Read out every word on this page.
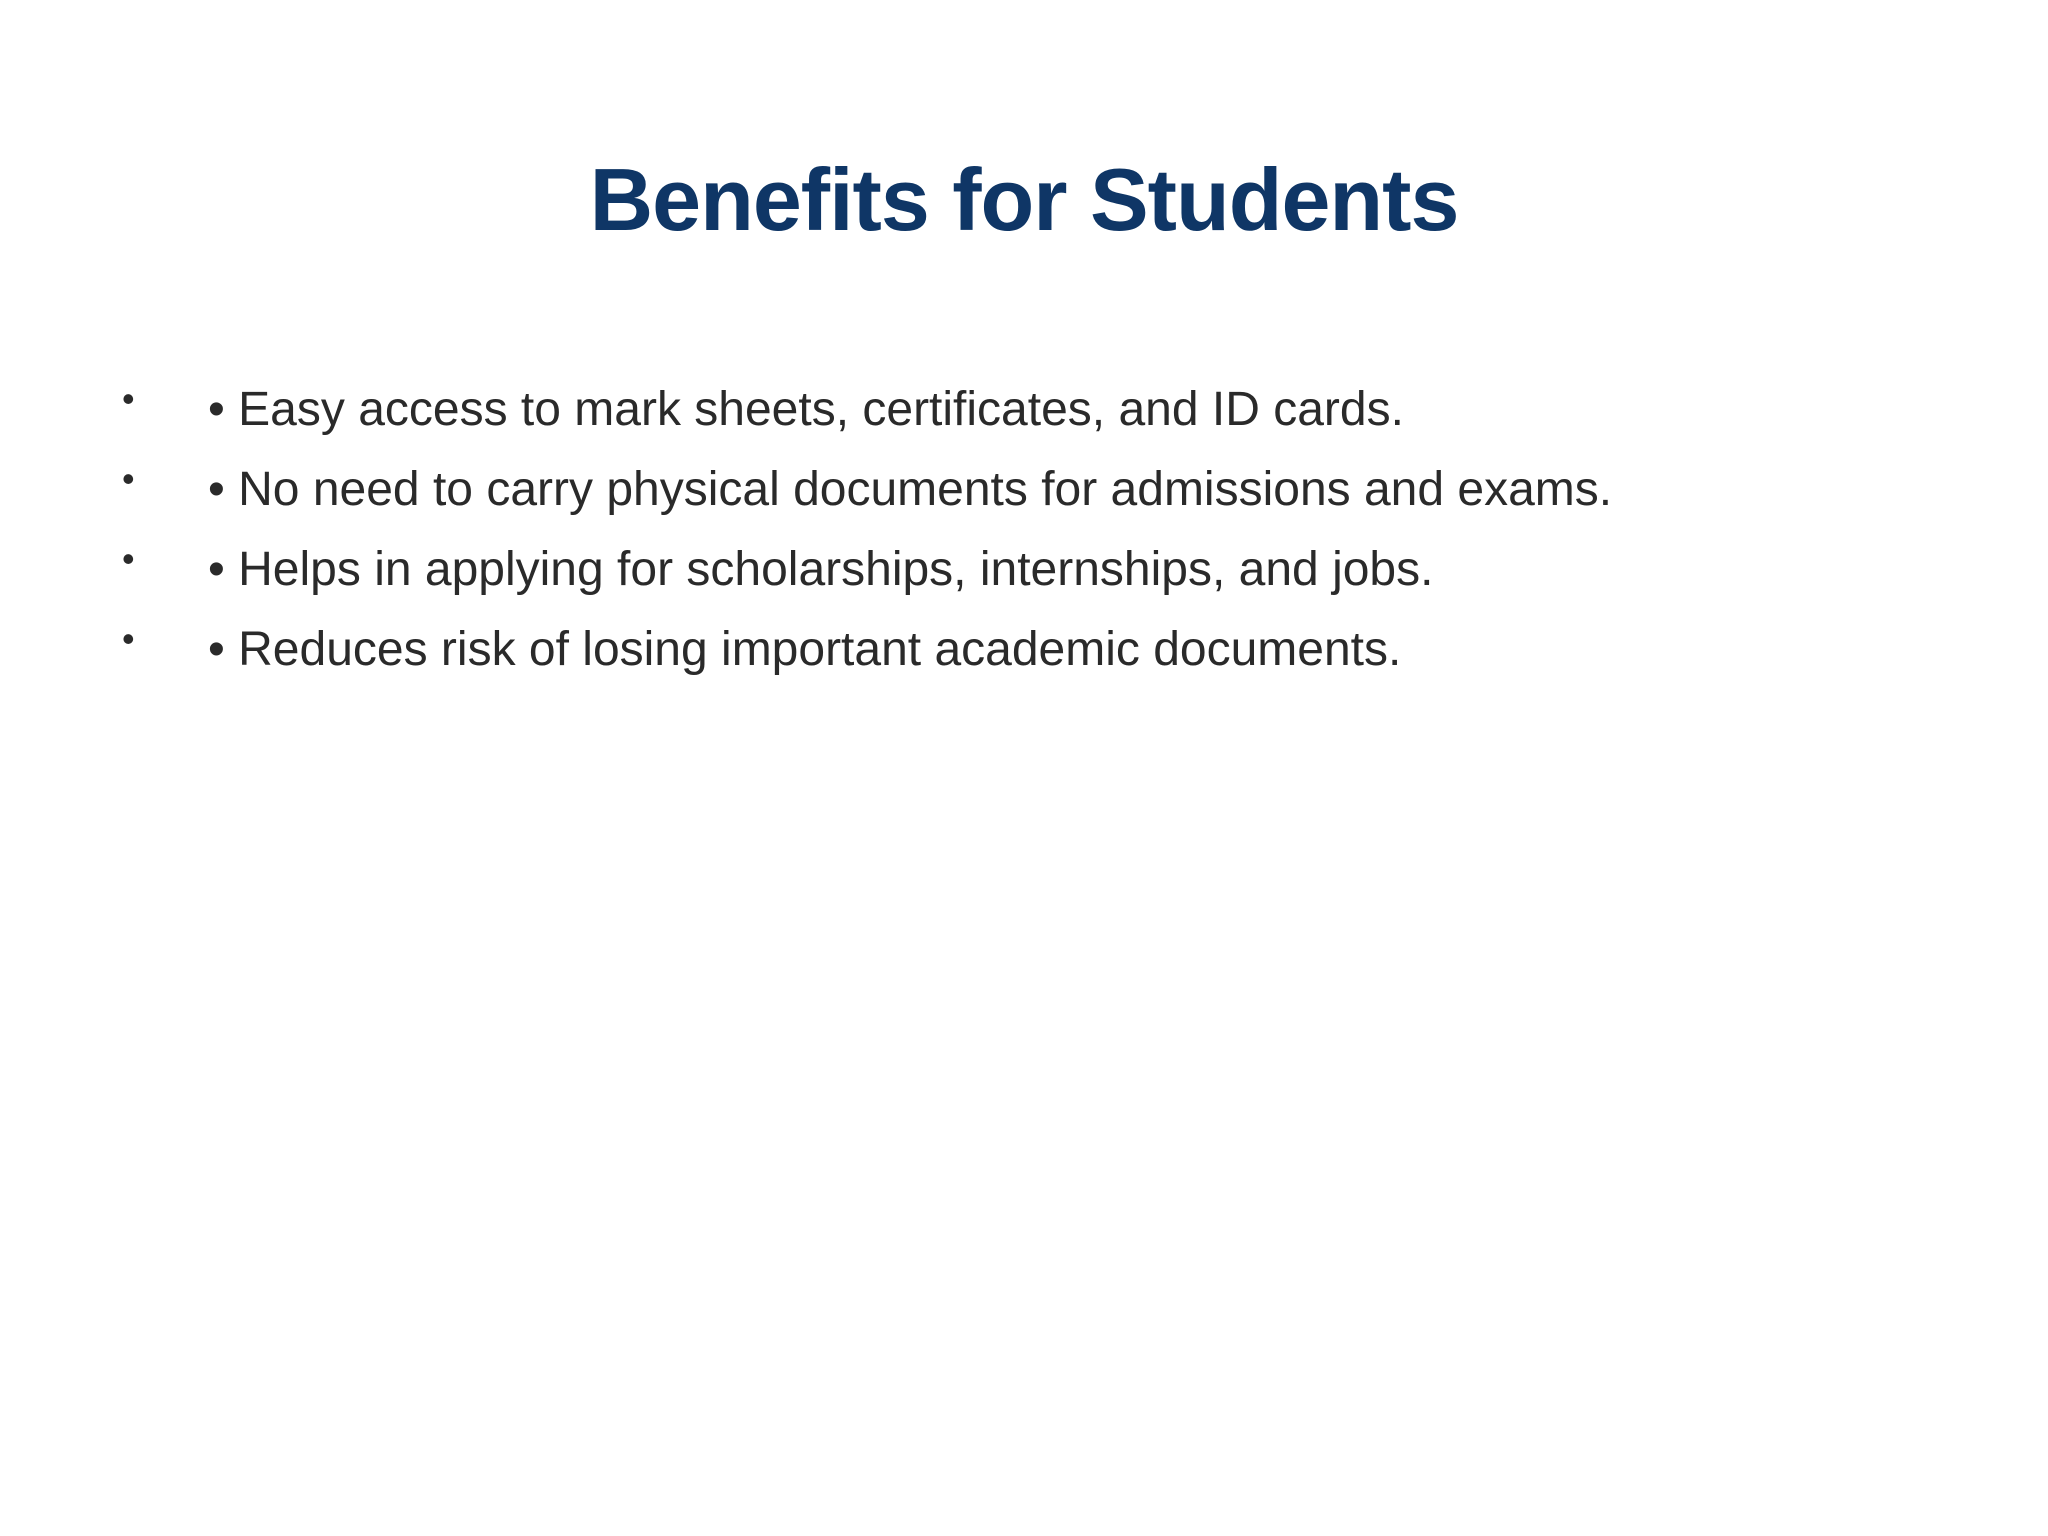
Benefits for Students
•	• Easy access to mark sheets, certificates, and ID cards.
•	• No need to carry physical documents for admissions and exams.
•	• Helps in applying for scholarships, internships, and jobs.
•	• Reduces risk of losing important academic documents.
